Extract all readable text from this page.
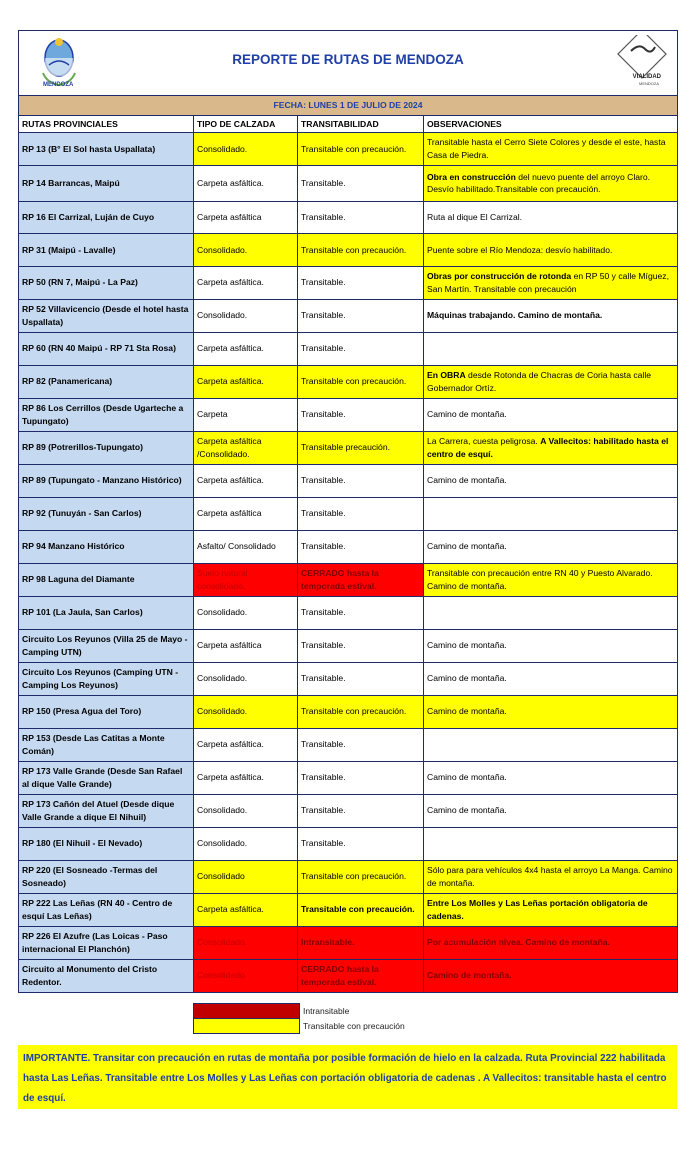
MENDOZA
REPORTE DE RUTAS DE MENDOZA
VIALIDAD
MENDOZA			

FECHA: LUNES 1 DE JULIO DE 2024			
RUTAS PROVINCIALES	TIPO DE CALZADA	TRANSITABILIDAD	OBSERVACIONES
RP 13 (B° El Sol hasta Uspallata)	Consolidado.	Transitable con precaución.	Transitable hasta el Cerro Siete Colores y desde el este, hasta Casa de Piedra.
RP 14 Barrancas, Maipú	Carpeta asfáltica.	Transitable.	Obra en construcción del nuevo puente del arroyo Claro. Desvío habilitado.Transitable con precaución.
RP 16 El Carrizal, Luján de Cuyo	Carpeta asfáltica	Transitable.	Ruta al dique El Carrizal.
RP 31 (Maipú - Lavalle)	Consolidado.	Transitable con precaución.	Puente sobre el Río Mendoza: desvío habilitado.
RP 50 (RN 7, Maipú - La Paz)	Carpeta asfáltica.	Transitable.	Obras por construcción de rotonda en RP 50 y calle Míguez, San Martín. Transitable con precaución
RP 52 Villavicencio (Desde el hotel hasta Uspallata)	Consolidado.	Transitable.	Máquinas trabajando. Camino de montaña.
RP 60 (RN 40 Maipú - RP 71 Sta Rosa)	Carpeta asfáltica.	Transitable.	
RP 82 (Panamericana)	Carpeta asfáltica.	Transitable con precaución.	En OBRA desde Rotonda de Chacras de Coria hasta calle Gobernador Ortíz.
RP 86 Los Cerrillos (Desde Ugarteche a Tupungato)	Carpeta	Transitable.	Camino de montaña.
RP 89 (Potrerillos-Tupungato)	Carpeta asfáltica /Consolidado.	Transitable precaución.	La Carrera, cuesta peligrosa. A Vallecitos: habilitado hasta el centro de esquí.
RP 89 (Tupungato - Manzano Histórico)	Carpeta asfáltica.	Transitable.	Camino de montaña.
RP 92 (Tunuyán - San Carlos)	Carpeta asfáltica	Transitable.	
RP 94 Manzano Histórico	Asfalto/ Consolidado	Transitable.	Camino de montaña.
RP 98 Laguna del Diamante	Suelo natural consolidado.	CERRADO hasta la temporada estival.	Transitable con precaución entre RN 40 y Puesto Alvarado. Camino de montaña.
RP 101 (La Jaula, San Carlos)	Consolidado.	Transitable.	
Circuito Los Reyunos (Villa 25 de Mayo - Camping UTN)	Carpeta asfáltica	Transitable.	Camino de montaña.
Circuito Los Reyunos (Camping UTN - Camping Los Reyunos)	Consolidado.	Transitable.	Camino de montaña.
RP 150 (Presa Agua del Toro)	Consolidado.	Transitable con precaución.	Camino de montaña.
RP 153 (Desde Las Catitas a Monte Comán)	Carpeta asfáltica.	Transitable.	
RP 173 Valle Grande (Desde San Rafael al dique Valle Grande)	Carpeta asfáltica.	Transitable.	Camino de montaña.
RP 173 Cañón del Atuel (Desde dique Valle Grande a dique El Nihuil)	Consolidado.	Transitable.	Camino de montaña.
RP 180 (El Nihuil - El Nevado)	Consolidado.	Transitable.	
RP 220 (El Sosneado -Termas del Sosneado)	Consolidado	Transitable con precaución.	Sólo para para vehículos 4x4 hasta el arroyo La Manga. Camino de montaña.
RP 222 Las Leñas (RN 40 - Centro de esquí Las Leñas)	Carpeta asfáltica.	Transitable con precaución.	Entre Los Molles y Las Leñas portación obligatoria de cadenas.
RP 226 El Azufre (Las Loicas - Paso internacional El Planchón)	Consolidado.	Intransitable.	Por acumulación nivea. Camino de montaña.
Circuito al Monumento del Cristo Redentor.	Consolidado	CERRADO hasta la temporada estival.	Camino de montaña.
Intransitable
Transitable con precaución
IMPORTANTE. Transitar con precaución en rutas de montaña por posible formación de hielo en la calzada. Ruta Provincial 222 habilitada hasta Las Leñas. Transitable entre Los Molles y Las Leñas con portación obligatoria de cadenas . A Vallecitos: transitable hasta el centro de esquí.
